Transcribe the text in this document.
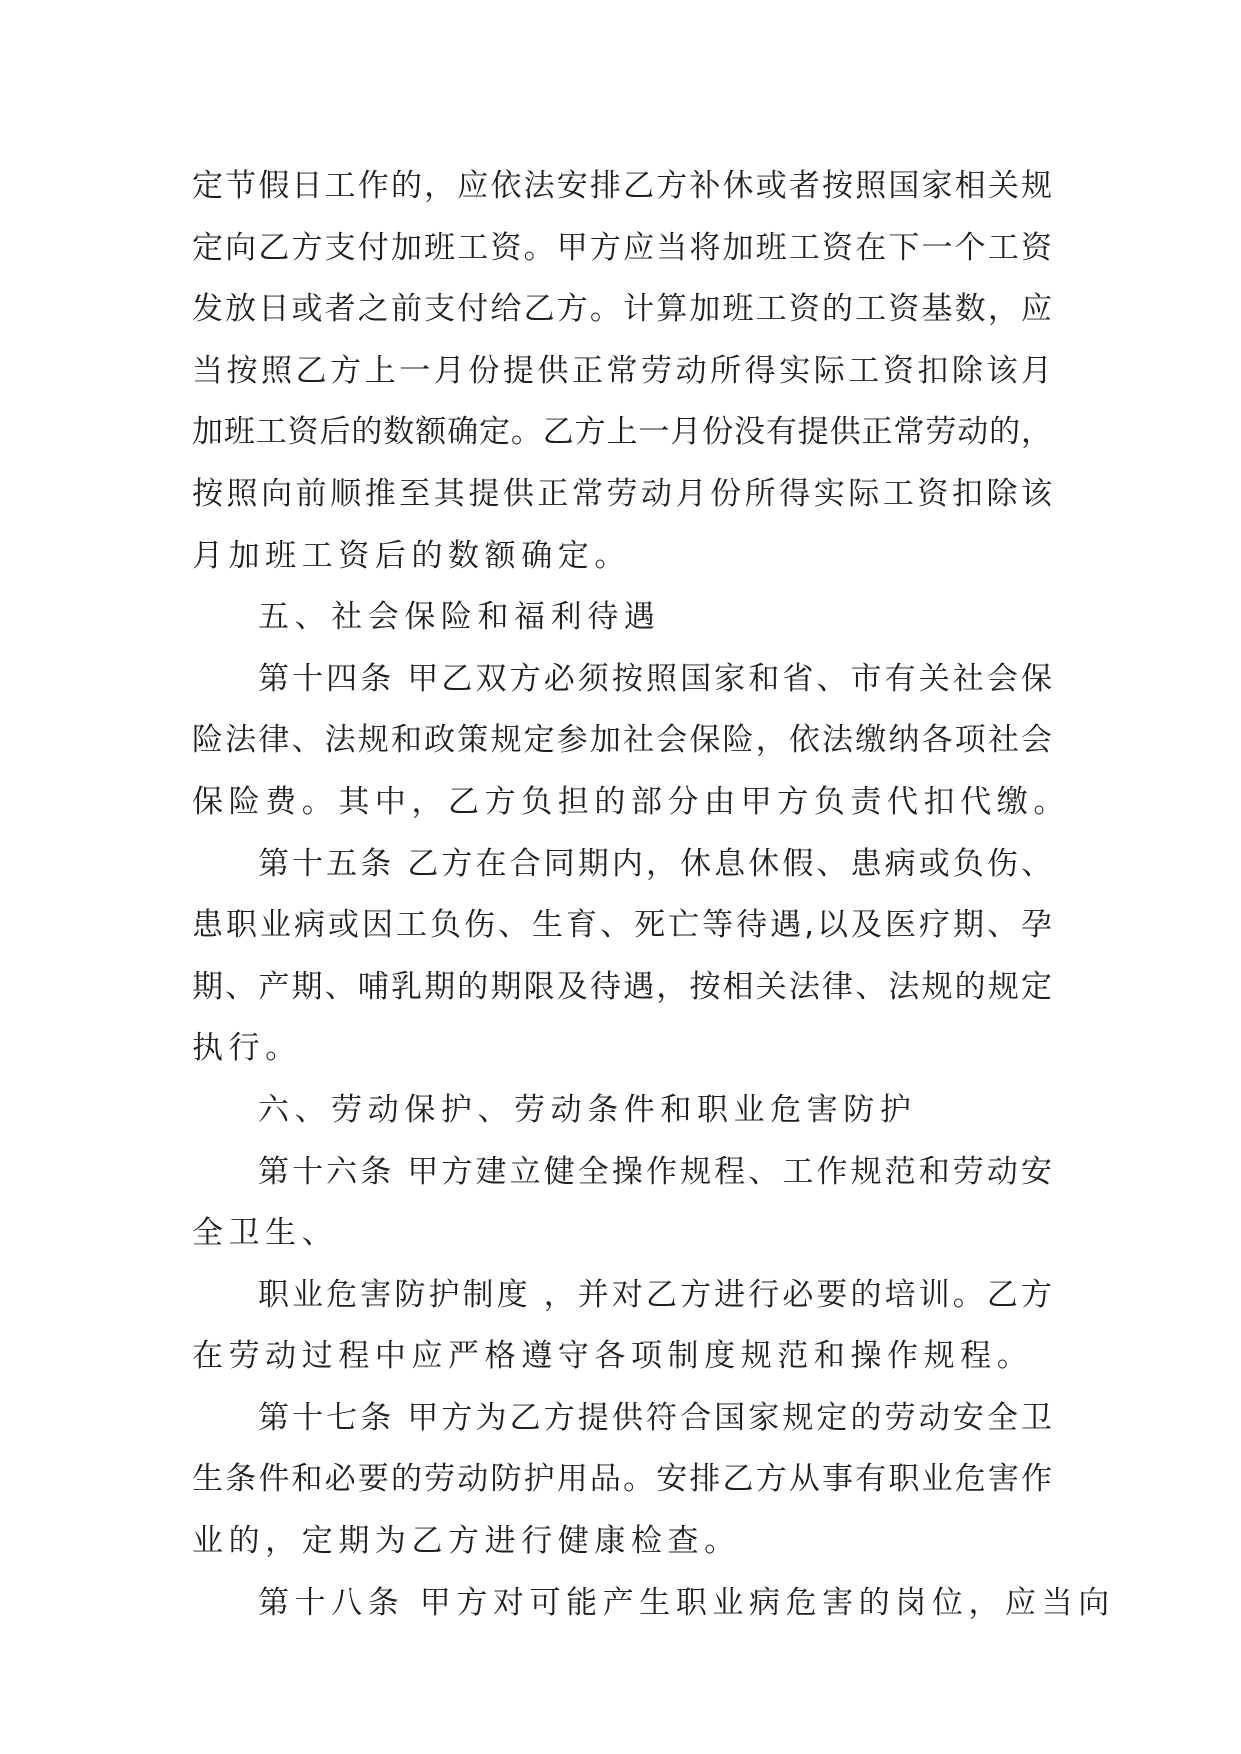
定节假日工作的，应依法安排乙方补休或者按照国家相关规
定向乙方支付加班工资。甲方应当将加班工资在下一个工资
发放日或者之前支付给乙方。计算加班工资的工资基数，应
当按照乙方上一月份提供正常劳动所得实际工资扣除该月
加班工资后的数额确定。乙方上一月份没有提供正常劳动的，
按照向前顺推至其提供正常劳动月份所得实际工资扣除该
月加班工资后的数额确定。
五、社会保险和福利待遇
第十四条 甲乙双方必须按照国家和省、市有关社会保
险法律、法规和政策规定参加社会保险，依法缴纳各项社会
保险费。其中，乙方负担的部分由甲方负责代扣代缴。
第十五条 乙方在合同期内，休息休假、患病或负伤、
患职业病或因工负伤、生育、死亡等待遇,以及医疗期、孕
期、产期、哺乳期的期限及待遇，按相关法律、法规的规定
执行。
六、劳动保护、劳动条件和职业危害防护
第十六条 甲方建立健全操作规程、工作规范和劳动安
全卫生、
职业危害防护制度 ，并对乙方进行必要的培训。乙方
在劳动过程中应严格遵守各项制度规范和操作规程。
第十七条 甲方为乙方提供符合国家规定的劳动安全卫
生条件和必要的劳动防护用品。安排乙方从事有职业危害作
业的，定期为乙方进行健康检查。
第十八条 甲方对可能产生职业病危害的岗位，应当向
